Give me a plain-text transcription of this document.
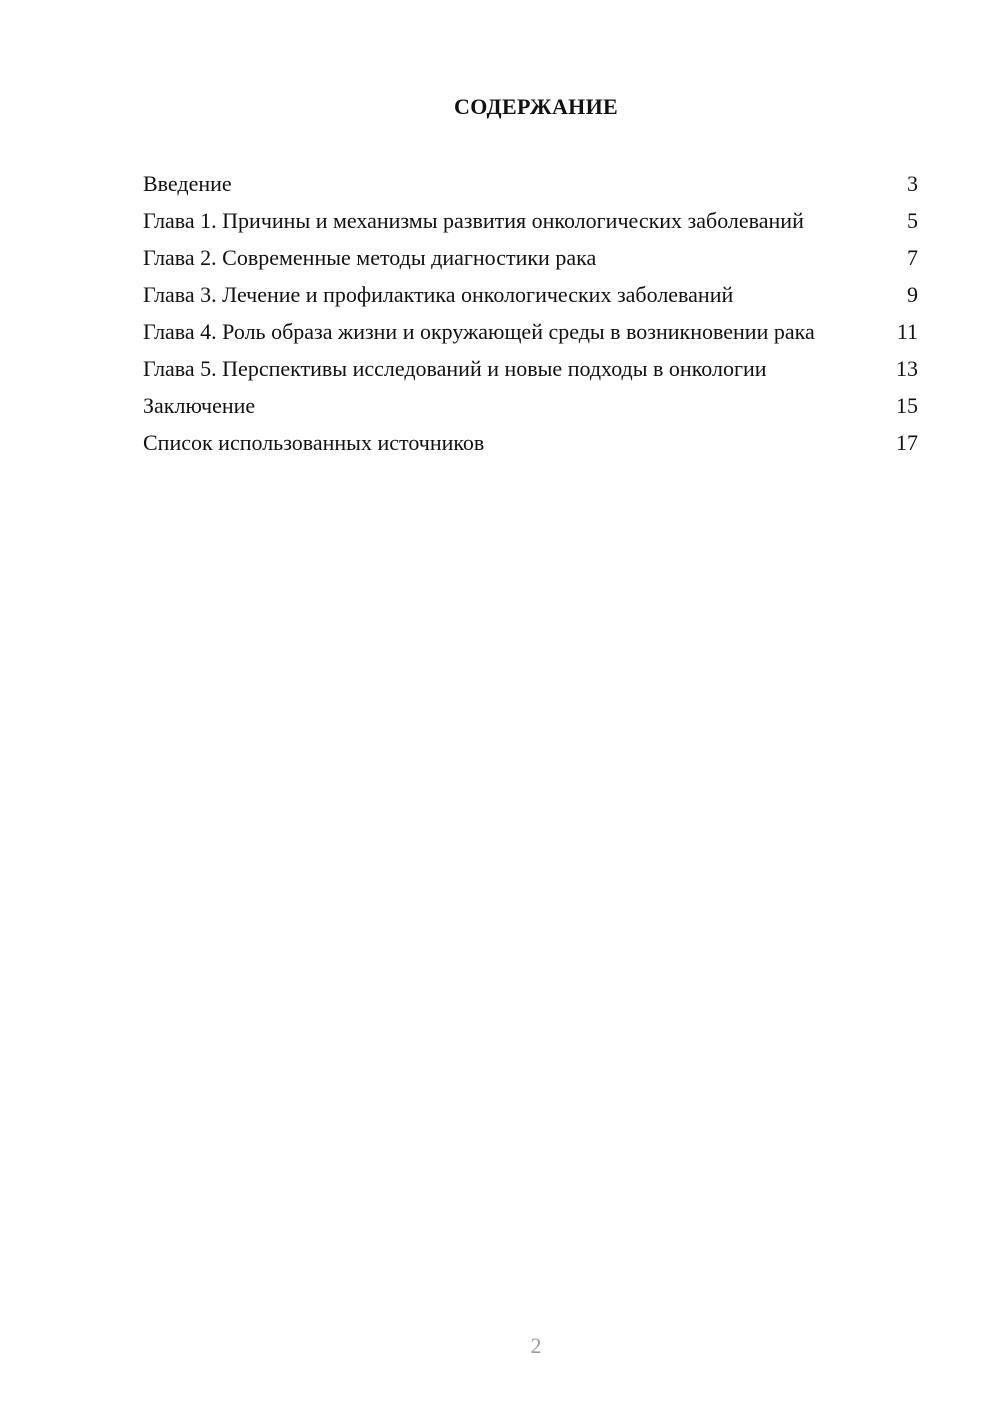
СОДЕРЖАНИЕ
Введение	3
Глава 1. Причины и механизмы развития онкологических заболеваний	5
Глава 2. Современные методы диагностики рака	7
Глава 3. Лечение и профилактика онкологических заболеваний	9
Глава 4. Роль образа жизни и окружающей среды в возникновении рака	11
Глава 5. Перспективы исследований и новые подходы в онкологии	13
Заключение	15
Список использованных источников	17
2
